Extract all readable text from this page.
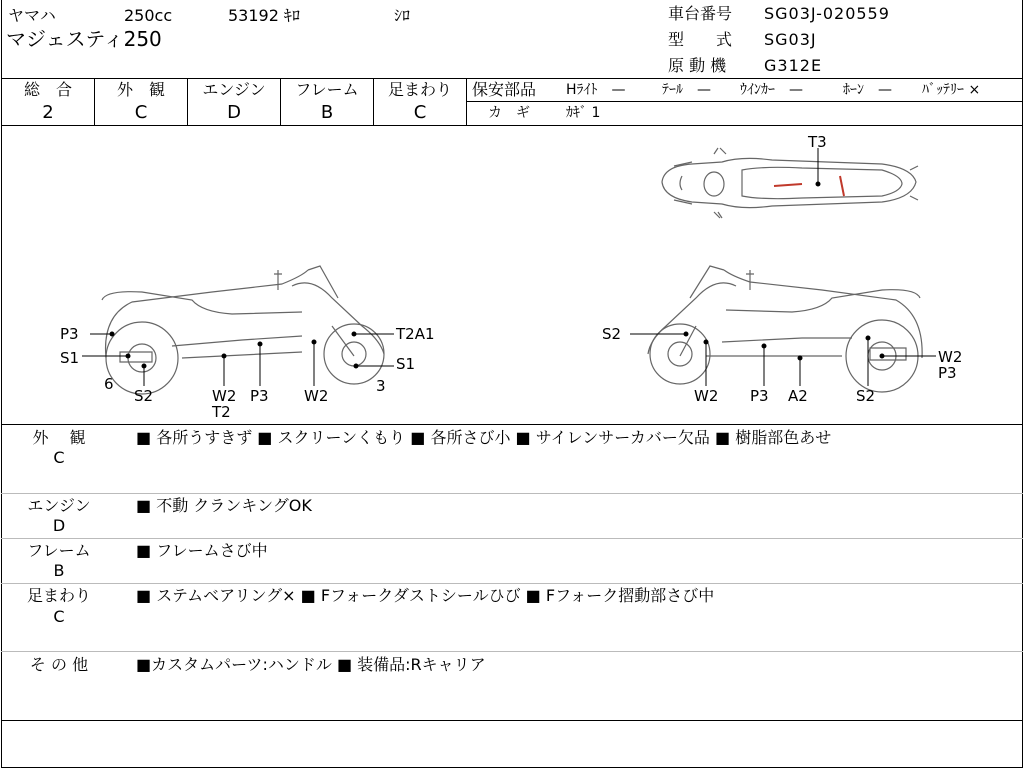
ヤマハ	250cc	53192 ｷﾛ	ｼﾛ
マジェスティ250
車台番号 SG03J-020559
型　　式 SG03J
原 動 機 G312E
総　合
2
外　観
C
エンジン
D
フレーム
B
足まわり
C
保安部品 Hﾗｲﾄ　—	ﾃｰﾙ　— ｳｲﾝｶｰ　—	ﾎｰﾝ　— ﾊﾞｯﾃﾘｰ ×
カ　ギ	ｶｷﾞ 1
T3
P3
S1
6
S2	W2
T2
P3 W2
T2A1
S1
3
S2
W2 P3 A2	S2
W2
P3
外　 観
C
■ 各所うすきず ■ スクリーンくもり ■ 各所さび小 ■ サイレンサーカバー欠品 ■ 樹脂部色あせ
エンジン
D
■ 不動 クランキングOK
フレーム
B
■ フレームさび中
足まわり
C
■ ステムベアリング× ■ Fフォークダストシールひび ■ Fフォーク摺動部さび中
そ の 他	■カスタムパーツ:ハンドル ■ 装備品:Rキャリア
